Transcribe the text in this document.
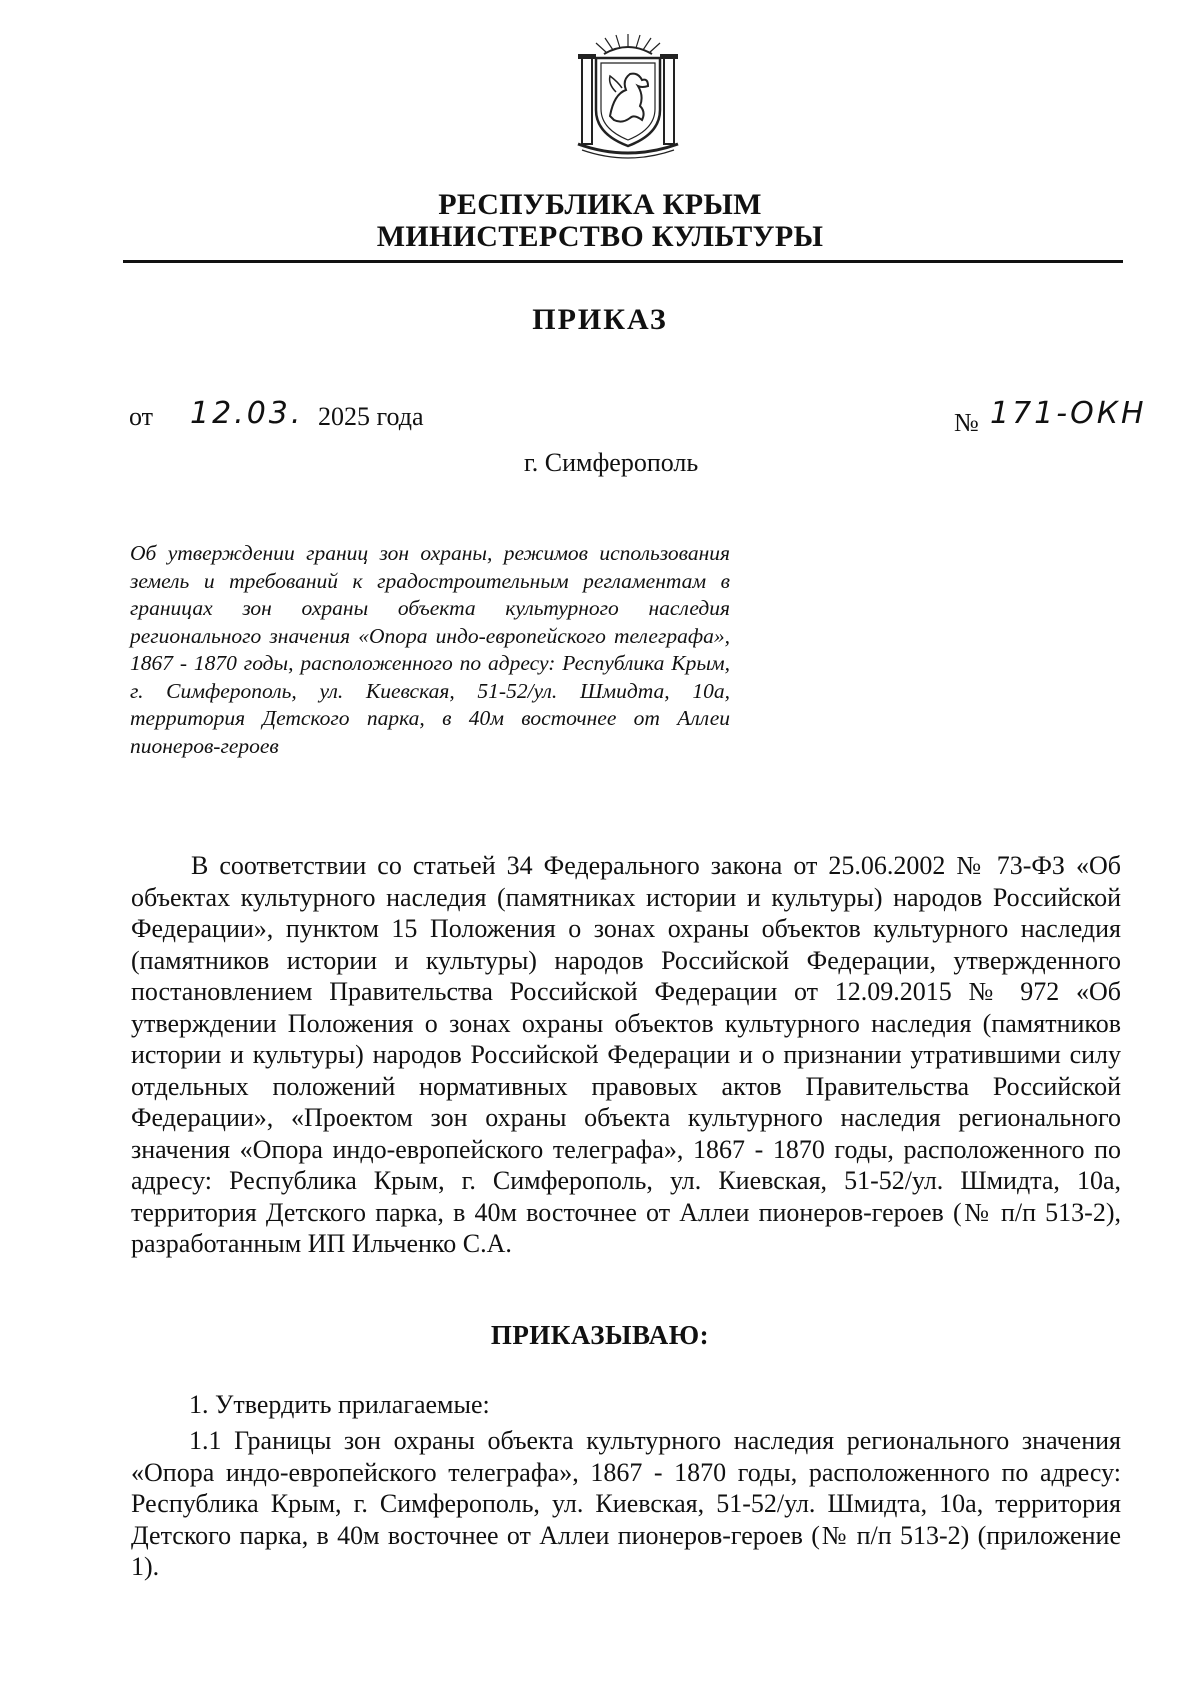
РЕСПУБЛИКА КРЫМ
МИНИСТЕРСТВО КУЛЬТУРЫ
ПРИКАЗ
от 12.03. 2025 года	№ 171-ОКН
г. Симферополь
Об утверждении границ зон охраны, режимов использования земель и требований к градостроительным регламентам в границах зон охраны объекта культурного наследия регионального значения «Опора индо-европейского телеграфа», 1867 - 1870 годы, расположенного по адресу: Республика Крым, г. Симферополь, ул. Киевская, 51-52/ул. Шмидта, 10а, территория Детского парка, в 40м восточнее от Аллеи пионеров-героев
В соответствии со статьей 34 Федерального закона от 25.06.2002 № 73-ФЗ «Об объектах культурного наследия (памятниках истории и культуры) народов Российской Федерации», пунктом 15 Положения о зонах охраны объектов культурного наследия (памятников истории и культуры) народов Российской Федерации, утвержденного постановлением Правительства Российской Федерации от 12.09.2015 № 972 «Об утверждении Положения о зонах охраны объектов культурного наследия (памятников истории и культуры) народов Российской Федерации и о признании утратившими силу отдельных положений нормативных правовых актов Правительства Российской Федерации», «Проектом зон охраны объекта культурного наследия регионального значения «Опора индо-европейского телеграфа», 1867 - 1870 годы, расположенного по адресу: Республика Крым, г. Симферополь, ул. Киевская, 51-52/ул. Шмидта, 10а, территория Детского парка, в 40м восточнее от Аллеи пионеров-героев (№ п/п 513-2), разработанным ИП Ильченко С.А.
ПРИКАЗЫВАЮ:
1. Утвердить прилагаемые:
1.1 Границы зон охраны объекта культурного наследия регионального значения «Опора индо-европейского телеграфа», 1867 - 1870 годы, расположенного по адресу: Республика Крым, г. Симферополь, ул. Киевская, 51-52/ул. Шмидта, 10а, территория Детского парка, в 40м восточнее от Аллеи пионеров-героев (№ п/п 513-2) (приложение 1).
